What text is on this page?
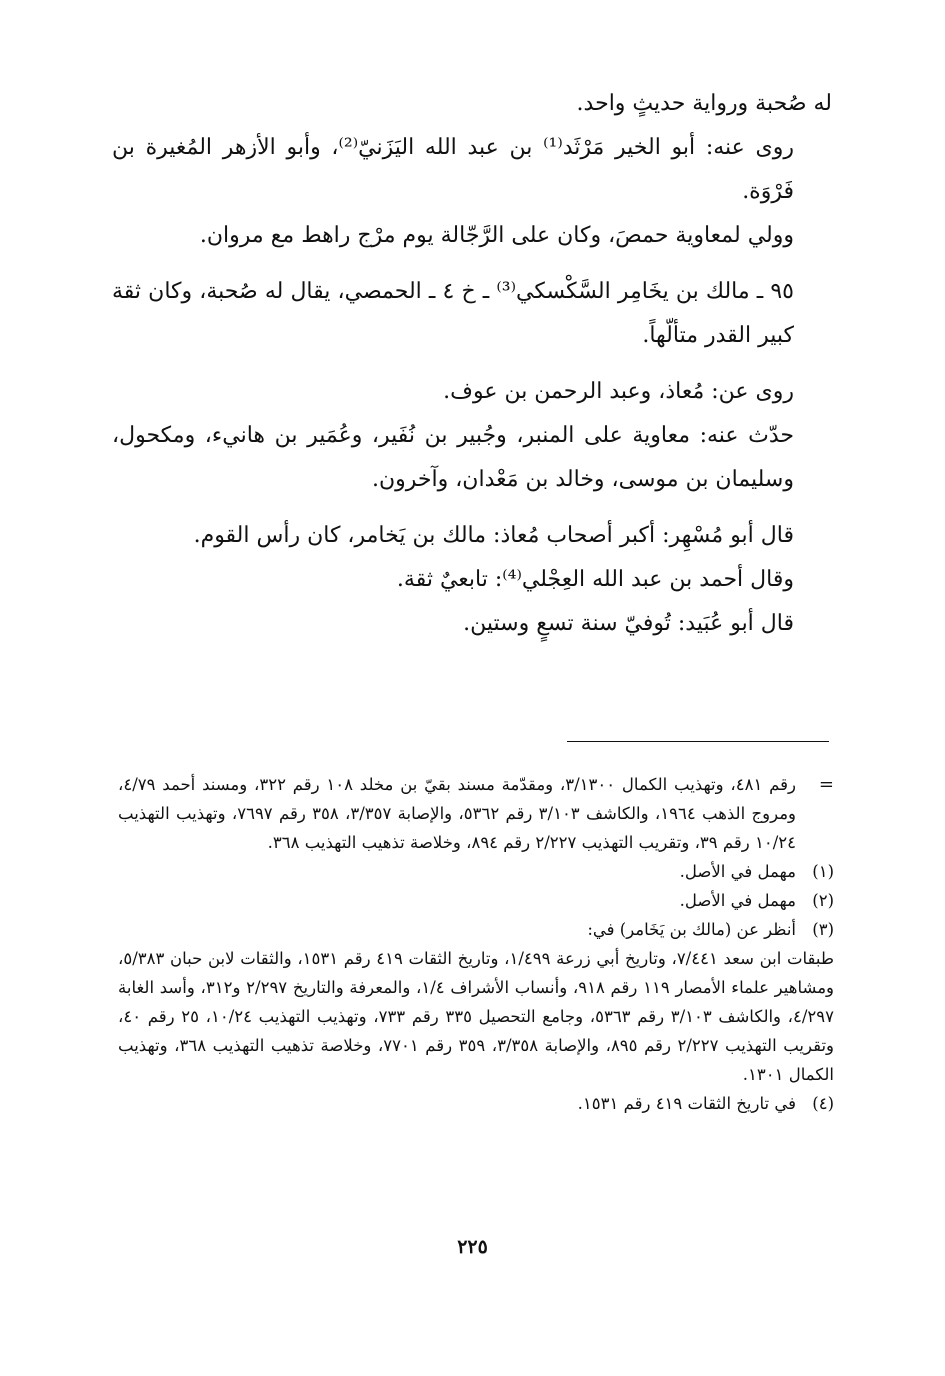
له صُحبة ورواية حديثٍ واحد.

روى عنه: أبو الخير مَرْثَد⁽¹⁾ بن عبد الله اليَزَنيّ⁽²⁾، وأبو الأزهر المُغيرة بن فَرْوَة.

وولي لمعاوية حمصَ، وكان على الرَّجّالة يوم مرْج راهط مع مروان.

٩٥ ـ مالك بن يخَامِر السَّكْسكي⁽³⁾ ـ خ ٤ ـ الحمصي، يقال له صُحبة، وكان ثقة كبير القدر متألّهاً.

روى عن: مُعاذ، وعبد الرحمن بن عوف.

حدّث عنه: معاوية على المنبر، وجُبير بن نُفَير، وعُمَير بن هانيء، ومكحول، وسليمان بن موسى، وخالد بن مَعْدان، وآخرون.

قال أبو مُسْهِر: أكبر أصحاب مُعاذ: مالك بن يَخامر، كان رأس القوم.

وقال أحمد بن عبد الله العِجْلي⁽⁴⁾: تابعيٌ ثقة.

قال أبو عُبَيد: تُوفيّ سنة تسعٍ وستين.

=
رقم ٤٨١، وتهذيب الكمال ٣/١٣٠٠، ومقدّمة مسند بقيّ بن مخلد ١٠٨ رقم ٣٢٢، ومسند أحمد ٤/٧٩، ومروج الذهب ١٩٦٤، والكاشف ٣/١٠٣ رقم ٥٣٦٢، والإصابة ٣/٣٥٧، ٣٥٨ رقم ٧٦٩٧، وتهذيب التهذيب ١٠/٢٤ رقم ٣٩، وتقريب التهذيب ٢/٢٢٧ رقم ٨٩٤، وخلاصة تذهيب التهذيب ٣٦٨.
(١)
مهمل في الأصل.
(٢)
مهمل في الأصل.
(٣)
أنظر عن (مالك بن يَخَامر) في:
طبقات ابن سعد ٧/٤٤١، وتاريخ أبي زرعة ١/٤٩٩، وتاريخ الثقات ٤١٩ رقم ١٥٣١، والثقات لابن حبان ٥/٣٨٣، ومشاهير علماء الأمصار ١١٩ رقم ٩١٨، وأنساب الأشراف ١/٤، والمعرفة والتاريخ ٢/٢٩٧ و٣١٢، وأسد الغابة ٤/٢٩٧، والكاشف ٣/١٠٣ رقم ٥٣٦٣، وجامع التحصيل ٣٣٥ رقم ٧٣٣، وتهذيب التهذيب ١٠/٢٤، ٢٥ رقم ٤٠، وتقريب التهذيب ٢/٢٢٧ رقم ٨٩٥، والإصابة ٣/٣٥٨، ٣٥٩ رقم ٧٧٠١، وخلاصة تذهيب التهذيب ٣٦٨، وتهذيب الكمال ١٣٠١.
(٤)
في تاريخ الثقات ٤١٩ رقم ١٥٣١.
٢٢٥
